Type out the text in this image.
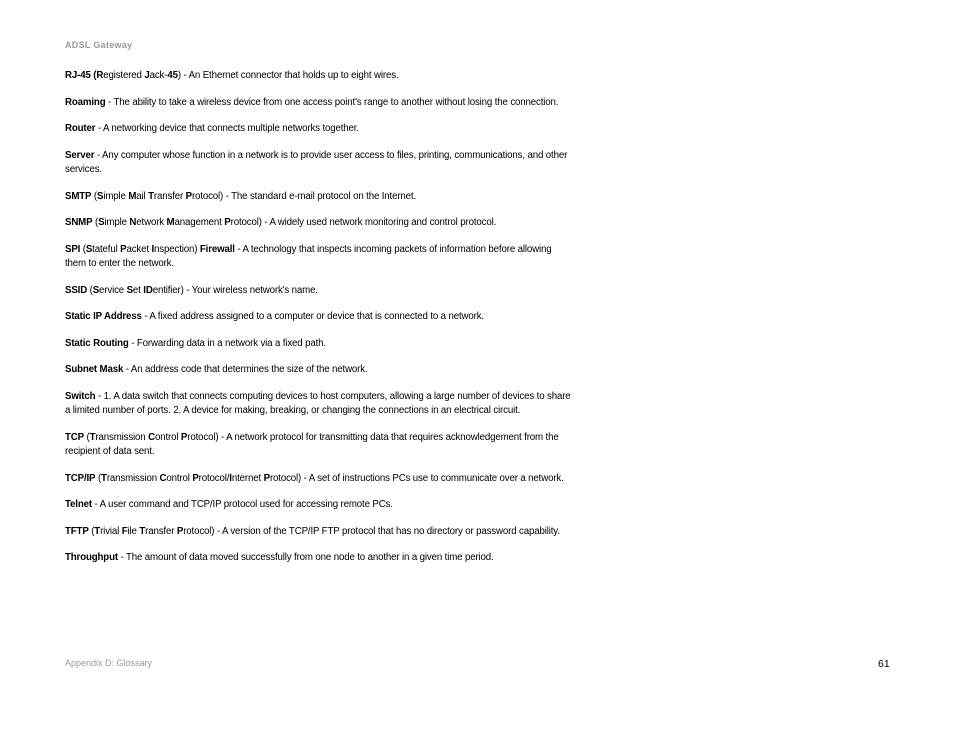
ADSL Gateway

RJ-45 (Registered Jack-45) - An Ethernet connector that holds up to eight wires.

Roaming - The ability to take a wireless device from one access point's range to another without losing the connection.

Router - A networking device that connects multiple networks together.

Server - Any computer whose function in a network is to provide user access to files, printing, communications, and other services.

SMTP (Simple Mail Transfer Protocol) - The standard e-mail protocol on the Internet.

SNMP (Simple Network Management Protocol) - A widely used network monitoring and control protocol.

SPI (Stateful Packet Inspection) Firewall - A technology that inspects incoming packets of information before allowing them to enter the network.

SSID (Service Set IDentifier) - Your wireless network's name.

Static IP Address - A fixed address assigned to a computer or device that is connected to a network.

Static Routing - Forwarding data in a network via a fixed path.

Subnet Mask - An address code that determines the size of the network.

Switch - 1. A data switch that connects computing devices to host computers, allowing a large number of devices to share a limited number of ports. 2. A device for making, breaking, or changing the connections in an electrical circuit.

TCP (Transmission Control Protocol) - A network protocol for transmitting data that requires acknowledgement from the recipient of data sent.

TCP/IP (Transmission Control Protocol/Internet Protocol) - A set of instructions PCs use to communicate over a network.

Telnet - A user command and TCP/IP protocol used for accessing remote PCs.

TFTP (Trivial File Transfer Protocol) - A version of the TCP/IP FTP protocol that has no directory or password capability.

Throughput - The amount of data moved successfully from one node to another in a given time period.

Appendix D: Glossary	61
